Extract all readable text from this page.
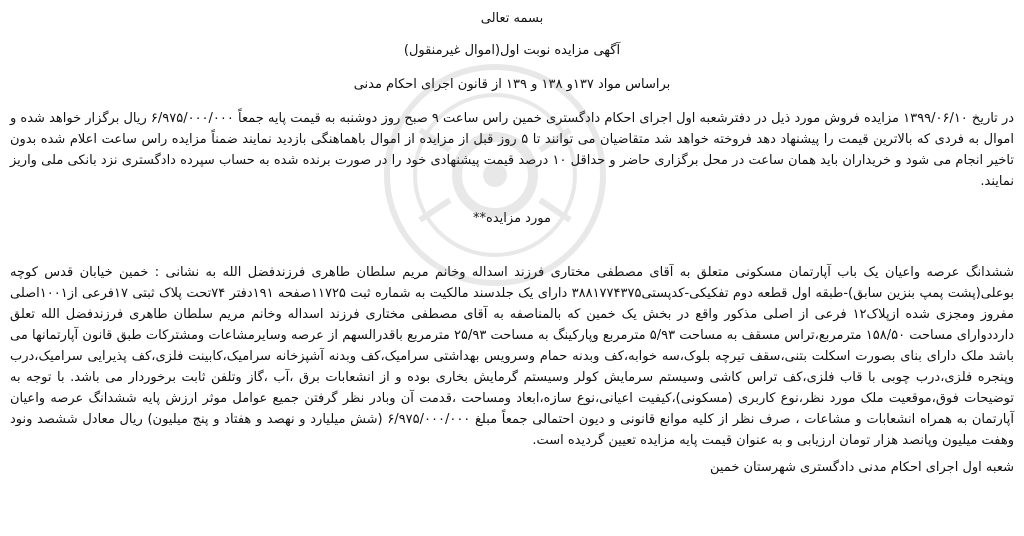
بسمه تعالی
آگهی مزایده نوبت اول(اموال غیرمنقول)
براساس مواد ۱۳۷و ۱۳۸ و ۱۳۹ از قانون اجرای احکام مدنی

در تاریخ ۱۳۹۹/۰۶/۱۰ مزایده فروش مورد ذیل در دفترشعبه اول اجرای احکام دادگستری خمین راس ساعت ۹ صبح روز دوشنبه به قیمت پایه جمعاً ۶/۹۷۵/۰۰۰/۰۰۰ ریال برگزار خواهد شده و اموال به فردی که بالاترین قیمت را پیشنهاد دهد فروخته خواهد شد متقاضیان می توانند تا ۵ روز قبل از مزایده از اموال باهماهنگی بازدید نمایند ضمناً مزایده راس ساعت اعلام شده بدون تاخیر انجام می شود و خریداران باید همان ساعت در محل برگزاری حاضر و حداقل ۱۰ درصد قیمت پیشنهادی خود را در صورت برنده شده به حساب سپرده دادگستری نزد بانکی ملی واریز نمایند.

مورد مزایده**

ششدانگ عرصه واعیان یک باب آپارتمان مسکونی متعلق به آقای مصطفی مختاری فرزند اسداله وخانم مریم سلطان طاهری فرزندفضل الله به نشانی : خمین خیابان قدس کوچه بوعلی(پشت پمپ بنزین سابق)-طبقه اول قطعه دوم تفکیکی-کدپستی۳۸۸۱۷۷۴۳۷۵ دارای یک جلدسند مالکیت به شماره ثبت ۱۱۷۲۵صفحه ۱۹۱دفتر ۷۴تحت پلاک ثبتی ۱۷فرعی از۱۰۰۱اصلی مفروز ومجزی شده ازپلاک۱۲ فرعی از اصلی مذکور واقع در بخش یک خمین که بالمناصفه به آقای مصطفی مختاری فرزند اسداله وخانم مریم سلطان طاهری فرزندفضل الله تعلق دارددوارای مساحت ۱۵۸/۵۰ مترمربع،تراس مسقف به مساحت ۵/۹۳ مترمربع وپارکینگ به مساحت ۲۵/۹۳ مترمربع باقدرالسهم از عرصه وسایرمشاعات ومشترکات طبق قانون آپارتمانها می باشد ملک دارای بنای بصورت اسکلت بتنی،سقف تیرچه بلوک،سه خوابه،کف وبدنه حمام وسرویس بهداشتی سرامیک،کف وبدنه آشپزخانه سرامیک،کابینت فلزی،کف پذیرایی سرامیک،درب وپنجره فلزی،درب چوبی با قاب فلزی،کف تراس کاشی وسیستم سرمایش کولر وسیستم گرمایش بخاری بوده و از انشعابات برق ،آب ،گاز وتلفن ثابت برخوردار می باشد. با توجه به توضیحات فوق،موقعیت ملک مورد نظر،نوع کاربری (مسکونی)،کیفیت اعیانی،نوع سازه،ابعاد ومساحت ،قدمت آن وبادر نظر گرفتن جمیع عوامل موثر ارزش پایه ششدانگ عرصه واعیان آپارتمان به همراه انشعابات و مشاعات ، صرف نظر از کلیه موانع قانونی و دیون احتمالی جمعاً مبلغ ۶/۹۷۵/۰۰۰/۰۰۰ (شش میلیارد و نهصد و هفتاد و پنج میلیون) ریال معادل ششصد ونود وهفت میلیون وپانصد هزار تومان ارزیابی و به عنوان قیمت پایه مزایده تعیین گردیده است.

شعبه اول اجرای احکام مدنی دادگستری شهرستان خمین
